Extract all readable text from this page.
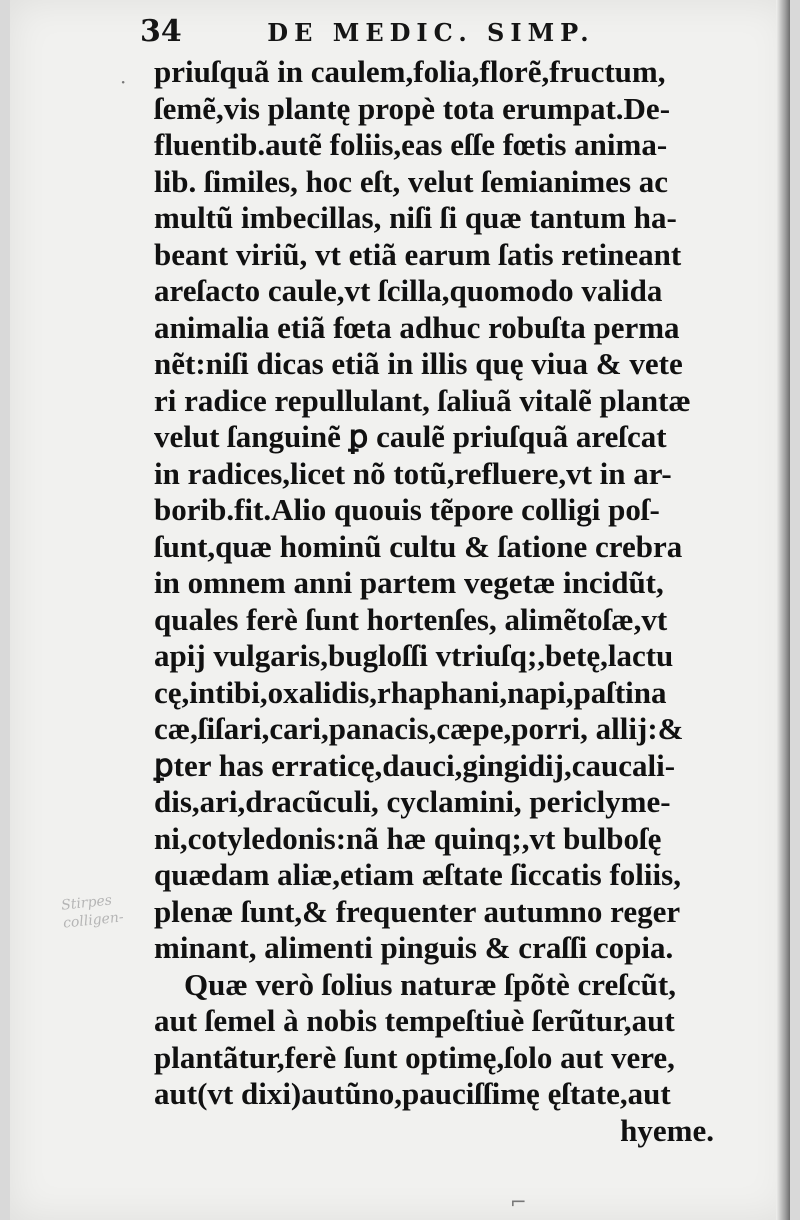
34	DE MEDIC. SIMP.
Stirpes colligen-
priuſquã in caulem,folia,florẽ,fructum,
ſemẽ,vis plantę propè tota erumpat.De-
fluentib.autẽ foliis,eas eſſe fœtis anima-
lib. ſimiles, hoc eſt, velut ſemianimes ac
multũ imbecillas, niſi ſi quæ tantum ha-
beant viriũ, vt etiã earum ſatis retineant
areſacto caule,vt ſcilla,quomodo valida
animalia etiã fœta adhuc robuſta perma
nẽt:niſi dicas etiã in illis quę viua & vete
ri radice repullulant, ſaliuã vitalẽ plantæ
velut ſanguinẽ ꝑ caulẽ priuſquã areſcat
in radices,licet nõ totũ,refluere,vt in ar-
borib.fit.Alio quouis tẽpore colligi poſ-
ſunt,quæ hominũ cultu & ſatione crebra
in omnem anni partem vegetæ incidũt,
quales ferè ſunt hortenſes, alimẽtoſæ,vt
apij vulgaris,bugloſſi vtriuſq;,betę,lactu
cę,intibi,oxalidis,rhaphani,napi,paſtina
cæ,ſiſari,cari,panacis,cæpe,porri, allij:&
ꝑter has erraticę,dauci,gingidij,caucali-
dis,ari,dracũculi, cyclamini, periclyme-
ni,cotyledonis:nã hæ quinq;,vt bulboſę
quædam aliæ,etiam æſtate ſiccatis foliis,
plenæ ſunt,& frequenter autumno reger
minant, alimenti pinguis & craſſi copia.
Quæ verò ſolius naturæ ſpõtè creſcũt,
aut ſemel à nobis tempeſtiuè ſerũtur,aut
plantãtur,ferè ſunt optimę,ſolo aut vere,
aut(vt dixi)autũno,pauciſſimę ęſtate,aut
hyeme.
·
⌐
